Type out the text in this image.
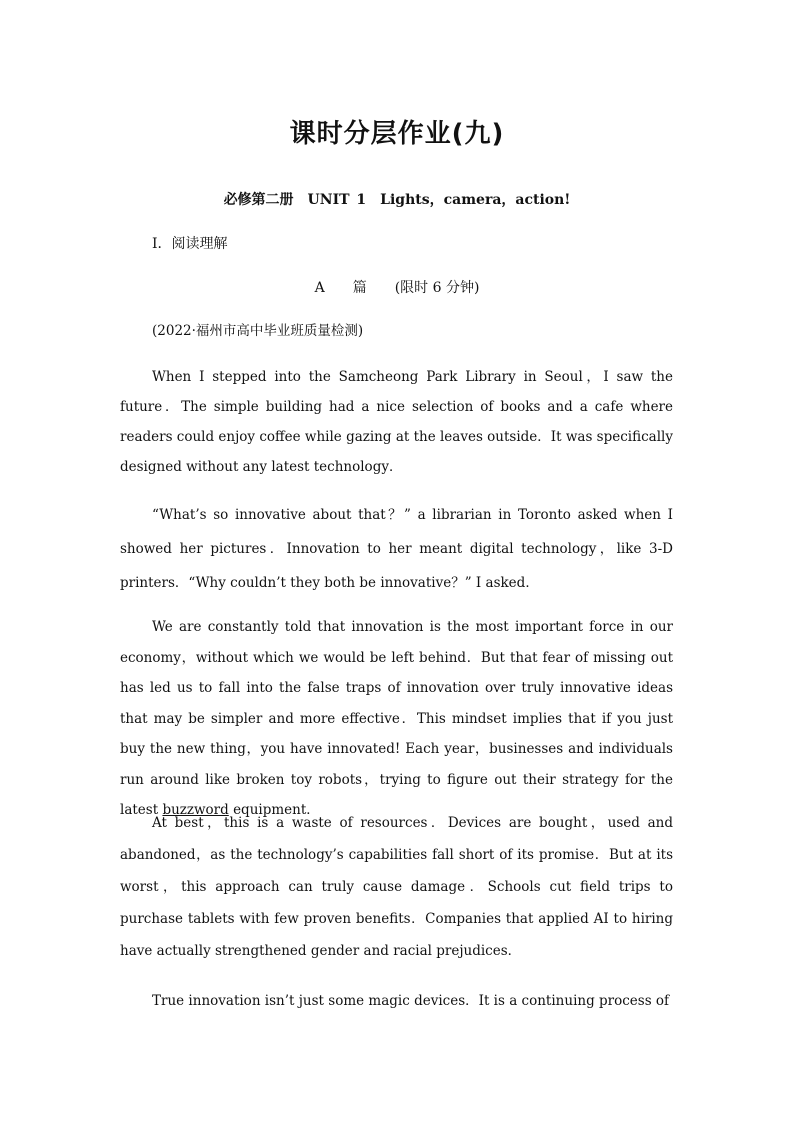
课时分层作业(九)
必修第二册　UNIT 1　Lights，camera，action!
Ⅰ．阅读理解
A　　篇　　(限时 6 分钟)
(2022·福州市高中毕业班质量检测)

When I stepped into the Samcheong Park Library in Seoul，I saw the future．The simple building had a nice selection of books and a cafe where readers could enjoy coffee while gazing at the leaves outside．It was specifically designed without any latest technology．

“What’s so innovative about that？” a librarian in Toronto asked when I showed her pictures．Innovation to her meant digital technology，like 3-D printers．“Why couldn’t they both be innovative？” I asked．

We are constantly told that innovation is the most important force in our economy，without which we would be left behind．But that fear of missing out has led us to fall into the false traps of innovation over truly innovative ideas that may be simpler and more effective．This mindset implies that if you just buy the new thing，you have innovated! Each year，businesses and individuals run around like broken toy robots，trying to figure out their strategy for the latest buzzword equipment．

At best，this is a waste of resources．Devices are bought，used and abandoned，as the technology’s capabilities fall short of its promise．But at its worst，this approach can truly cause damage．Schools cut field trips to purchase tablets with few proven benefits．Companies that applied AI to hiring have actually strengthened gender and racial prejudices．

True innovation isn’t just some magic devices．It is a continuing process of
